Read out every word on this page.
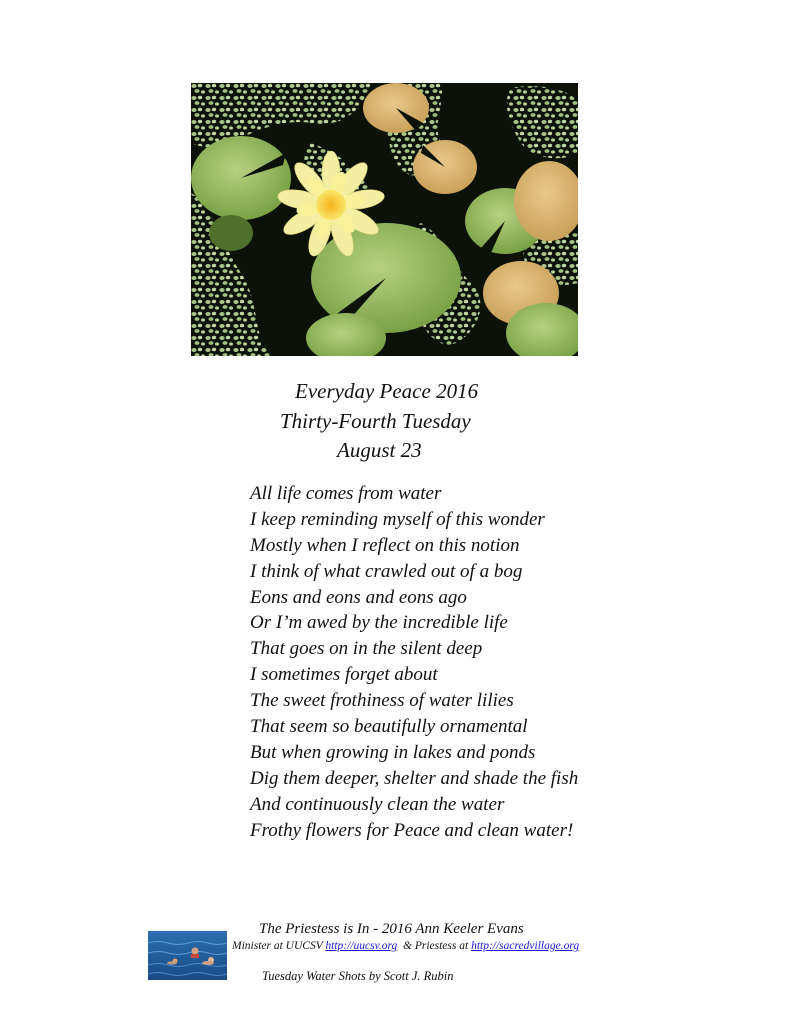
Everyday Peace 2016
Thirty-Fourth Tuesday
August 23
All life comes from water
I keep reminding myself of this wonder
Mostly when I reflect on this notion
I think of what crawled out of a bog
Eons and eons and eons ago
Or I’m awed by the incredible life
That goes on in the silent deep
I sometimes forget about
The sweet frothiness of water lilies
That seem so beautifully ornamental
But when growing in lakes and ponds
Dig them deeper, shelter and shade the fish
And continuously clean the water
Frothy flowers for Peace and clean water!
The Priestess is In - 2016 Ann Keeler Evans
Minister at UUCSV http://uucsv.org  & Priestess at http://sacredvillage.org
Tuesday Water Shots by Scott J. Rubin
